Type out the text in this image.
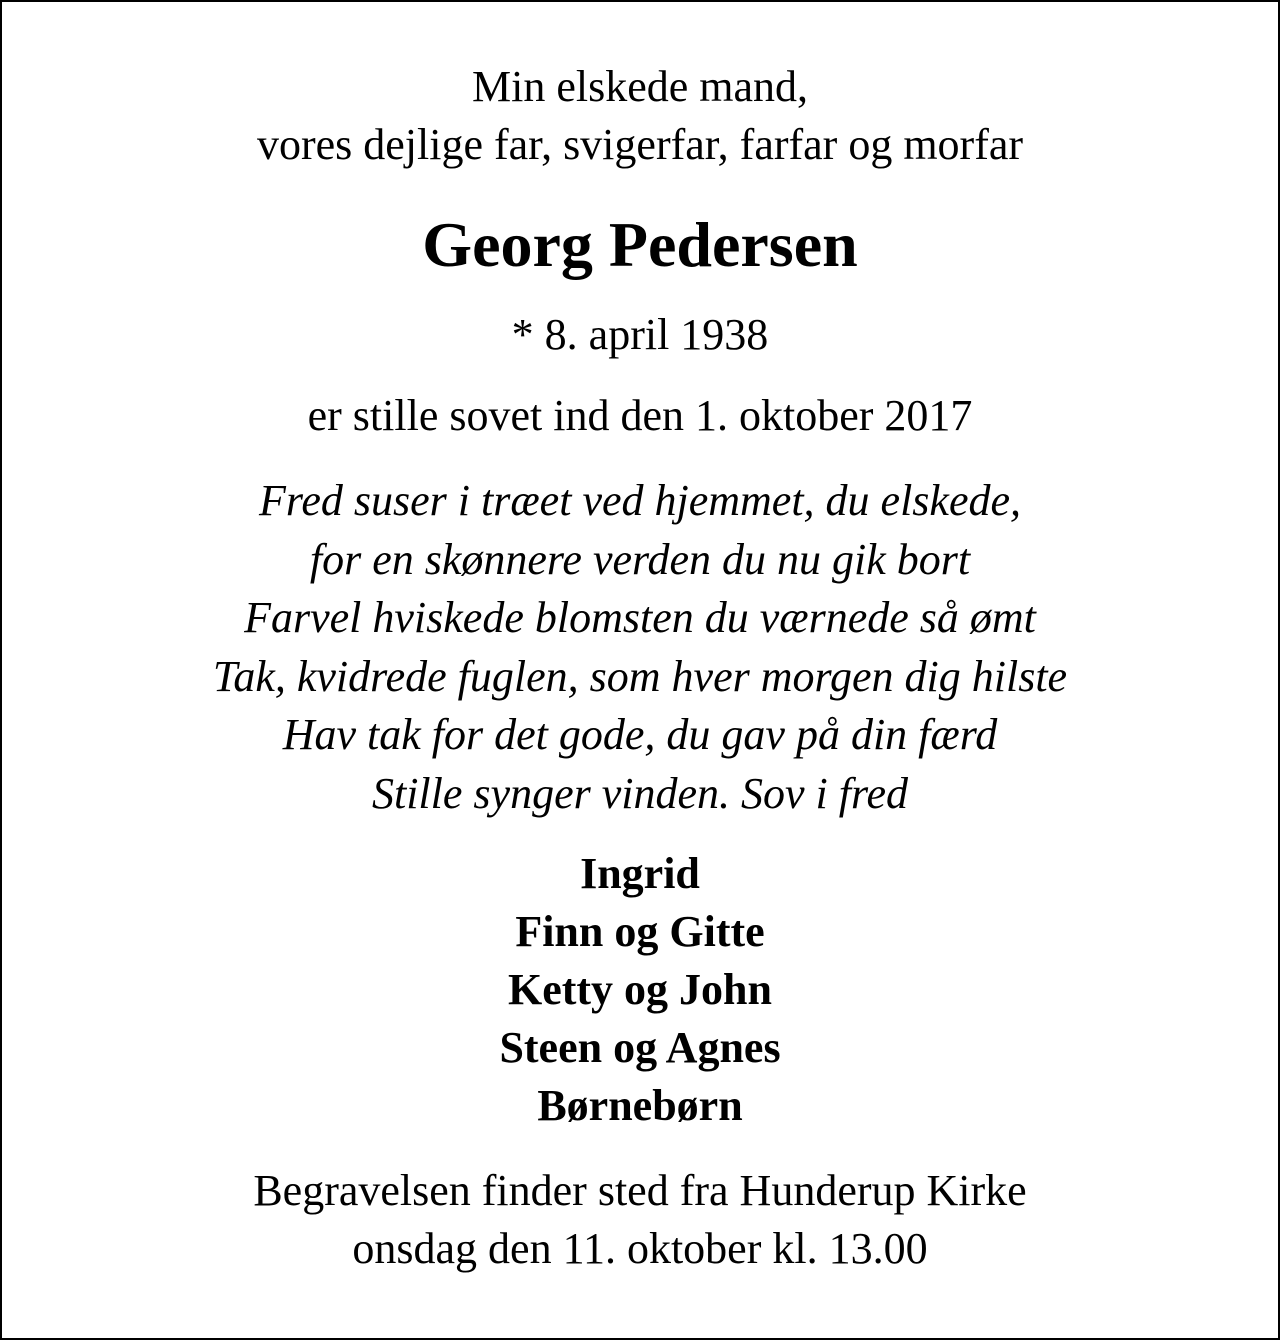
Min elskede mand,
vores dejlige far, svigerfar, farfar og morfar
Georg Pedersen
* 8. april 1938
er stille sovet ind den 1. oktober 2017
Fred suser i træet ved hjemmet, du elskede,
for en skønnere verden du nu gik bort
Farvel hviskede blomsten du værnede så ømt
Tak, kvidrede fuglen, som hver morgen dig hilste
Hav tak for det gode, du gav på din færd
Stille synger vinden. Sov i fred
Ingrid
Finn og Gitte
Ketty og John
Steen og Agnes
Børnebørn
Begravelsen finder sted fra Hunderup Kirke
onsdag den 11. oktober kl. 13.00
